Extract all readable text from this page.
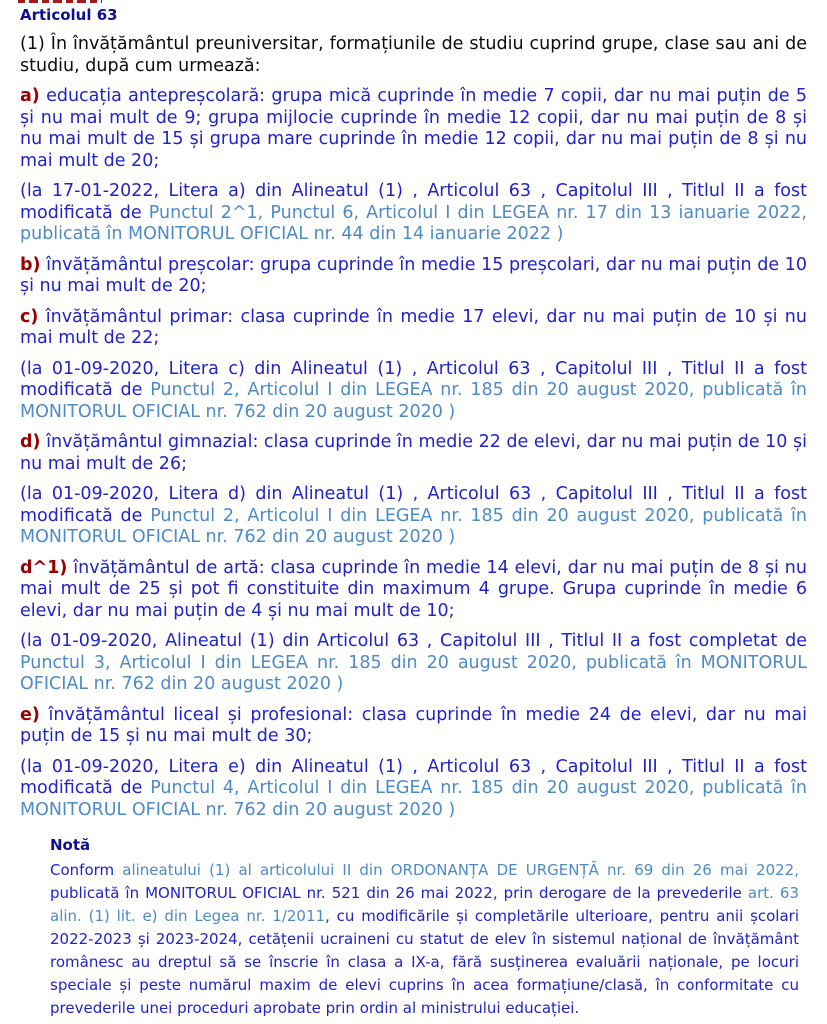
Articolul 63

(1) În învățământul preuniversitar, formațiunile de studiu cuprind grupe, clase sau ani de studiu, după cum urmează:

a) educația antepreșcolară: grupa mică cuprinde în medie 7 copii, dar nu mai puțin de 5 și nu mai mult de 9; grupa mijlocie cuprinde în medie 12 copii, dar nu mai puțin de 8 și nu mai mult de 15 și grupa mare cuprinde în medie 12 copii, dar nu mai puțin de 8 și nu mai mult de 20;

(la 17-01-2022, Litera a) din Alineatul (1) , Articolul 63 , Capitolul III , Titlul II a fost modificată de Punctul 2^1, Punctul 6, Articolul I din LEGEA nr. 17 din 13 ianuarie 2022, publicată în MONITORUL OFICIAL nr. 44 din 14 ianuarie 2022 )

b) învățământul preșcolar: grupa cuprinde în medie 15 preșcolari, dar nu mai puțin de 10 și nu mai mult de 20;

c) învățământul primar: clasa cuprinde în medie 17 elevi, dar nu mai puțin de 10 și nu mai mult de 22;

(la 01-09-2020, Litera c) din Alineatul (1) , Articolul 63 , Capitolul III , Titlul II a fost modificată de Punctul 2, Articolul I din LEGEA nr. 185 din 20 august 2020, publicată în MONITORUL OFICIAL nr. 762 din 20 august 2020 )

d) învățământul gimnazial: clasa cuprinde în medie 22 de elevi, dar nu mai puțin de 10 și nu mai mult de 26;

(la 01-09-2020, Litera d) din Alineatul (1) , Articolul 63 , Capitolul III , Titlul II a fost modificată de Punctul 2, Articolul I din LEGEA nr. 185 din 20 august 2020, publicată în MONITORUL OFICIAL nr. 762 din 20 august 2020 )

d^1) învățământul de artă: clasa cuprinde în medie 14 elevi, dar nu mai puțin de 8 și nu mai mult de 25 și pot fi constituite din maximum 4 grupe. Grupa cuprinde în medie 6 elevi, dar nu mai puțin de 4 și nu mai mult de 10;

(la 01-09-2020, Alineatul (1) din Articolul 63 , Capitolul III , Titlul II a fost completat de Punctul 3, Articolul I din LEGEA nr. 185 din 20 august 2020, publicată în MONITORUL OFICIAL nr. 762 din 20 august 2020 )

e) învățământul liceal și profesional: clasa cuprinde în medie 24 de elevi, dar nu mai puțin de 15 și nu mai mult de 30;

(la 01-09-2020, Litera e) din Alineatul (1) , Articolul 63 , Capitolul III , Titlul II a fost modificată de Punctul 4, Articolul I din LEGEA nr. 185 din 20 august 2020, publicată în MONITORUL OFICIAL nr. 762 din 20 august 2020 )

Notă

Conform alineatului (1) al articolului II din ORDONANȚA DE URGENȚĂ nr. 69 din 26 mai 2022, publicată în MONITORUL OFICIAL nr. 521 din 26 mai 2022, prin derogare de la prevederile art. 63 alin. (1) lit. e) din Legea nr. 1/2011, cu modificările și completările ulterioare, pentru anii școlari 2022-2023 și 2023-2024, cetățenii ucraineni cu statut de elev în sistemul național de învățământ românesc au dreptul să se înscrie în clasa a IX-a, fără susținerea evaluării naționale, pe locuri speciale și peste numărul maxim de elevi cuprins în acea formațiune/clasă, în conformitate cu prevederile unei proceduri aprobate prin ordin al ministrului educației.
